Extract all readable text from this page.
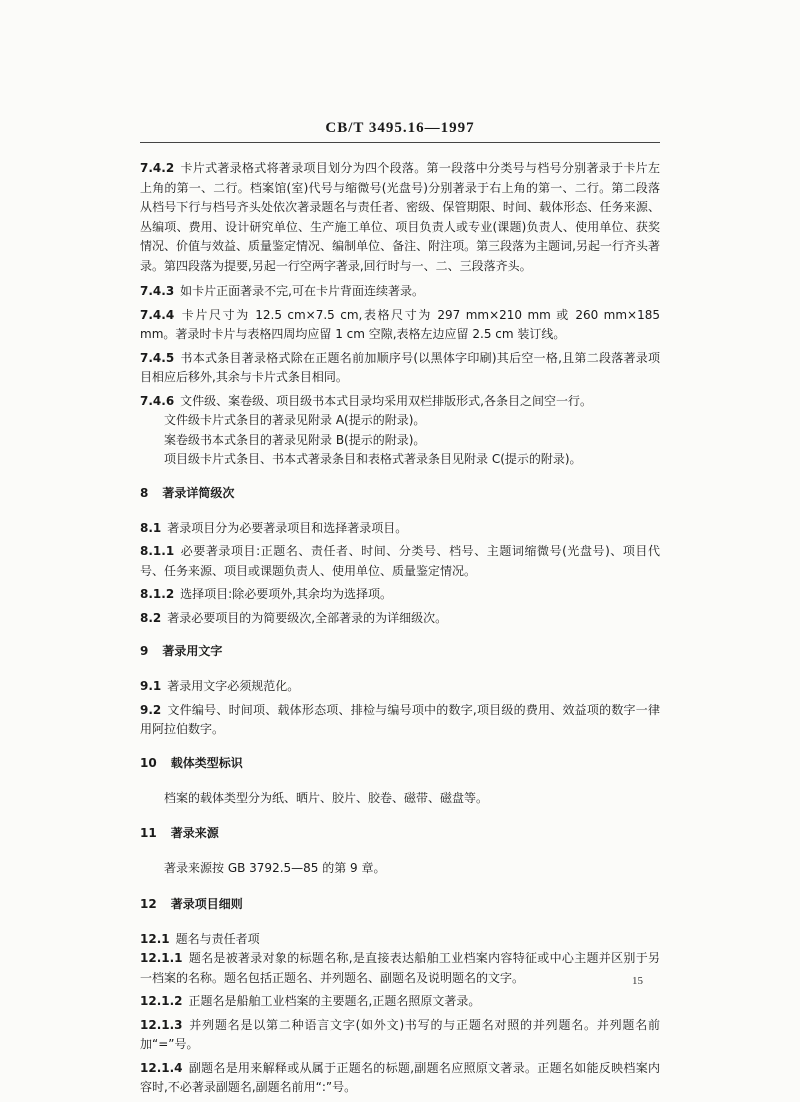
CB/T 3495.16—1997
7.4.2 卡片式著录格式将著录项目划分为四个段落。第一段落中分类号与档号分别著录于卡片左上角的第一、二行。档案馆(室)代号与缩微号(光盘号)分别著录于右上角的第一、二行。第二段落从档号下行与档号齐头处依次著录题名与责任者、密级、保管期限、时间、载体形态、任务来源、丛编项、费用、设计研究单位、生产施工单位、项目负责人或专业(课题)负责人、使用单位、获奖情况、价值与效益、质量鉴定情况、编制单位、备注、附注项。第三段落为主题词,另起一行齐头著录。第四段落为提要,另起一行空两字著录,回行时与一、二、三段落齐头。
7.4.3 如卡片正面著录不完,可在卡片背面连续著录。
7.4.4 卡片尺寸为 12.5 cm×7.5 cm,表格尺寸为 297 mm×210 mm 或 260 mm×185 mm。著录时卡片与表格四周均应留 1 cm 空隙,表格左边应留 2.5 cm 装订线。
7.4.5 书本式条目著录格式除在正题名前加顺序号(以黑体字印刷)其后空一格,且第二段落著录项目相应后移外,其余与卡片式条目相同。
7.4.6 文件级、案卷级、项目级书本式目录均采用双栏排版形式,各条目之间空一行。
文件级卡片式条目的著录见附录 A(提示的附录)。
案卷级书本式条目的著录见附录 B(提示的附录)。
项目级卡片式条目、书本式著录条目和表格式著录条目见附录 C(提示的附录)。
8 著录详简级次
8.1 著录项目分为必要著录项目和选择著录项目。
8.1.1 必要著录项目:正题名、责任者、时间、分类号、档号、主题词缩微号(光盘号)、项目代号、任务来源、项目或课题负责人、使用单位、质量鉴定情况。
8.1.2 选择项目:除必要项外,其余均为选择项。
8.2 著录必要项目的为简要级次,全部著录的为详细级次。
9 著录用文字
9.1 著录用文字必须规范化。
9.2 文件编号、时间项、载体形态项、排检与编号项中的数字,项目级的费用、效益项的数字一律用阿拉伯数字。
10 载体类型标识
档案的载体类型分为纸、晒片、胶片、胶卷、磁带、磁盘等。
11 著录来源
著录来源按 GB 3792.5—85 的第 9 章。
12 著录项目细则
12.1 题名与责任者项
12.1.1 题名是被著录对象的标题名称,是直接表达船舶工业档案内容特征或中心主题并区别于另一档案的名称。题名包括正题名、并列题名、副题名及说明题名的文字。
12.1.2 正题名是船舶工业档案的主要题名,正题名照原文著录。
12.1.3 并列题名是以第二种语言文字(如外文)书写的与正题名对照的并列题名。并列题名前加“=”号。
12.1.4 副题名是用来解释或从属于正题名的标题,副题名应照原文著录。正题名如能反映档案内容时,不必著录副题名,副题名前用“:”号。
15
